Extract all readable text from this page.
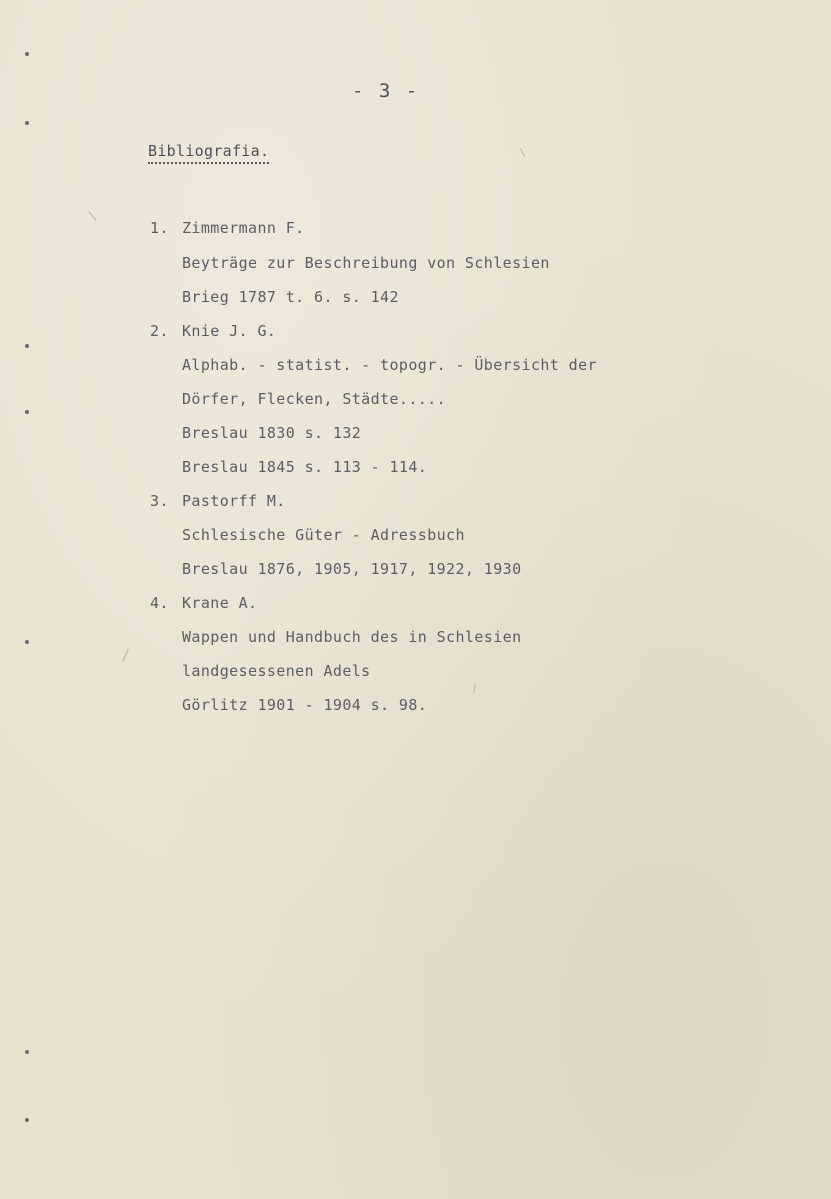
- 3 -
Bibliografia.
1. Zimmermann F.
Beyträge zur Beschreibung von Schlesien
Brieg 1787 t. 6. s. 142
2. Knie J. G.
Alphab. - statist. - topogr. - Übersicht der
Dörfer, Flecken, Städte.....
Breslau 1830 s. 132
Breslau 1845 s. 113 - 114.
3. Pastorff M.
Schlesische Güter - Adressbuch
Breslau 1876, 1905, 1917, 1922, 1930
4. Krane A.
Wappen und Handbuch des in Schlesien
landgesessenen Adels
Görlitz 1901 - 1904 s. 98.
